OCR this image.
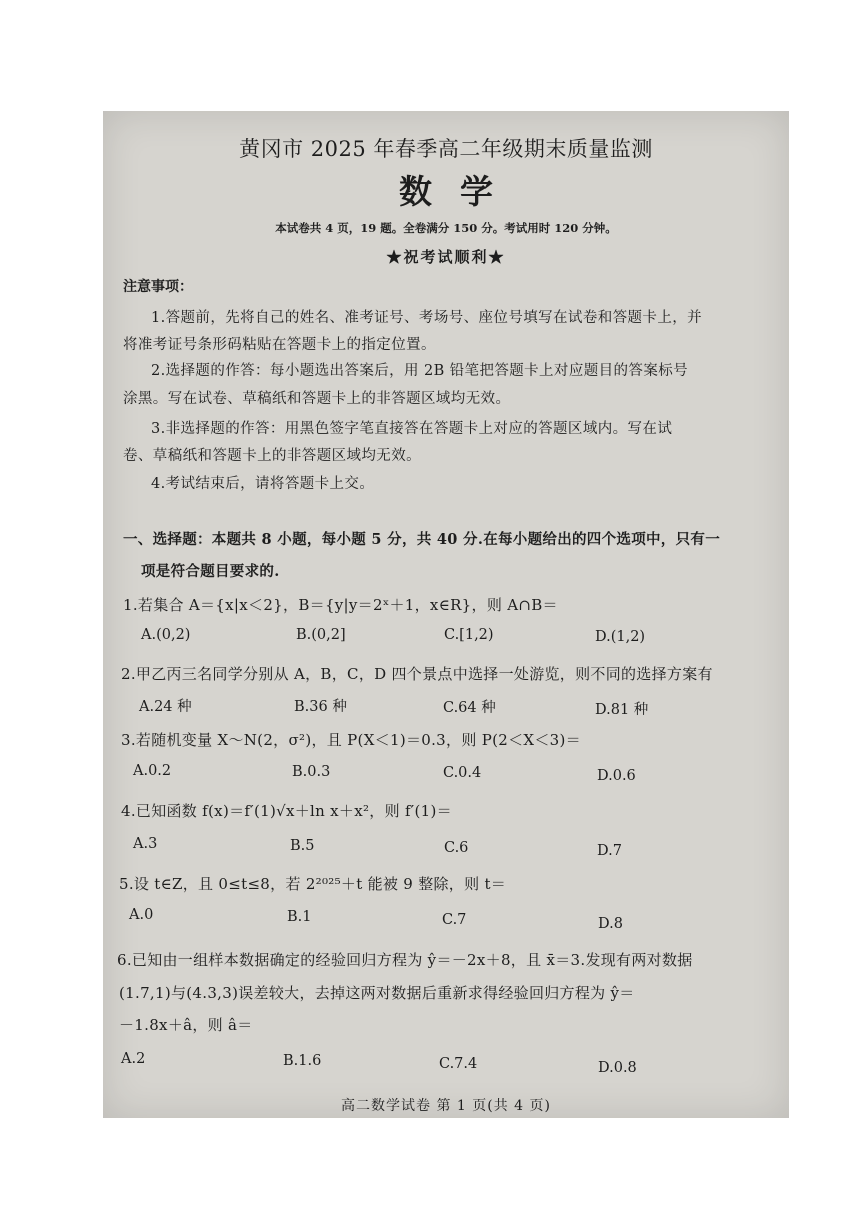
黄冈市 2025 年春季高二年级期末质量监测
数学
本试卷共 4 页，19 题。全卷满分 150 分。考试用时 120 分钟。
★祝考试顺利★
注意事项：
1.答题前，先将自己的姓名、准考证号、考场号、座位号填写在试卷和答题卡上，并
将准考证号条形码粘贴在答题卡上的指定位置。
2.选择题的作答：每小题选出答案后，用 2B 铅笔把答题卡上对应题目的答案标号
涂黑。写在试卷、草稿纸和答题卡上的非答题区域均无效。
3.非选择题的作答：用黑色签字笔直接答在答题卡上对应的答题区域内。写在试
卷、草稿纸和答题卡上的非答题区域均无效。
4.考试结束后，请将答题卡上交。
一、选择题：本题共 8 小题，每小题 5 分，共 40 分.在每小题给出的四个选项中，只有一
项是符合题目要求的.
1.若集合 A＝{x|x＜2}，B＝{y|y＝2ˣ＋1，x∈R}，则 A∩B＝
A.(0,2)	B.(0,2]	C.[1,2)	D.(1,2)
2.甲乙丙三名同学分别从 A，B，C，D 四个景点中选择一处游览，则不同的选择方案有
A.24 种	B.36 种	C.64 种	D.81 种
3.若随机变量 X～N(2，σ²)，且 P(X＜1)＝0.3，则 P(2＜X＜3)＝
A.0.2	B.0.3	C.0.4	D.0.6
4.已知函数 f(x)＝f′(1)√x＋ln x＋x²，则 f′(1)＝
A.3	B.5	C.6	D.7
5.设 t∈Z，且 0≤t≤8，若 2²⁰²⁵＋t 能被 9 整除，则 t＝
A.0	B.1	C.7	D.8
6.已知由一组样本数据确定的经验回归方程为 ŷ＝－2x＋8，且 x̄＝3.发现有两对数据
(1.7,1)与(4.3,3)误差较大，去掉这两对数据后重新求得经验回归方程为 ŷ＝
－1.8x＋â，则 â＝
A.2	B.1.6	C.7.4	D.0.8
高二数学试卷 第 1 页(共 4 页)
